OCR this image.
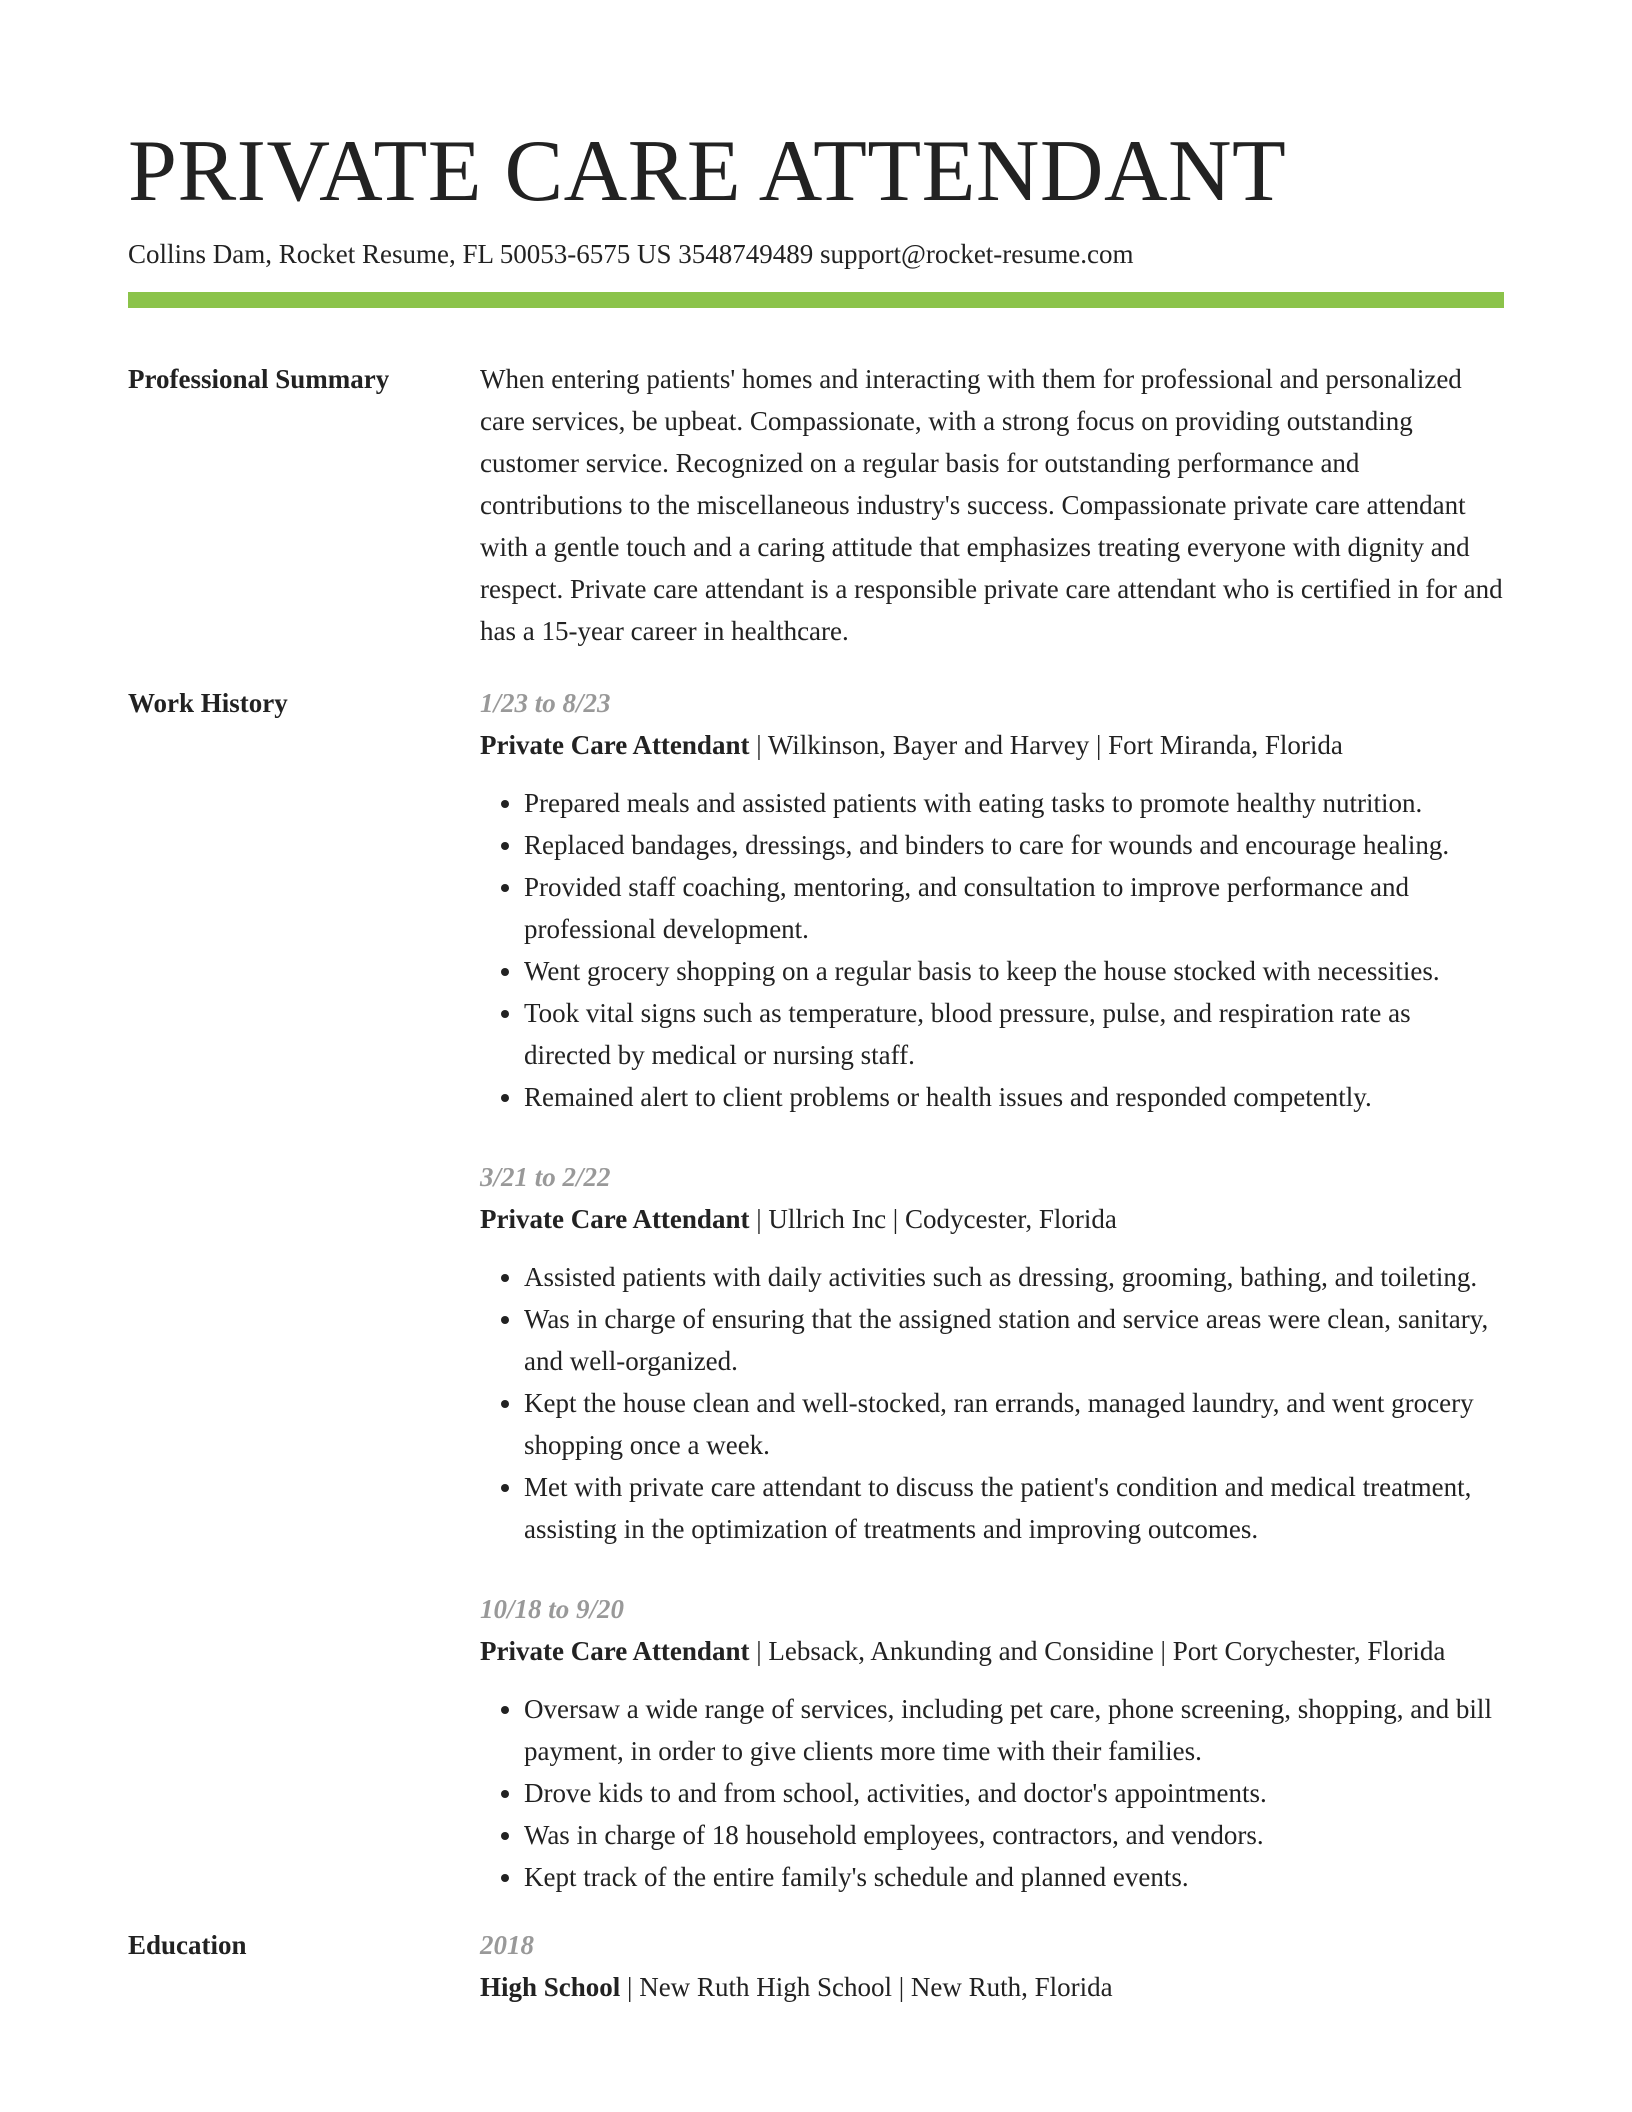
PRIVATE CARE ATTENDANT
Collins Dam, Rocket Resume, FL 50053-6575 US 3548749489 support@rocket-resume.com
Professional Summary	When entering patients' homes and interacting with them for professional and personalized care services, be upbeat. Compassionate, with a strong focus on providing outstanding customer service. Recognized on a regular basis for outstanding performance and contributions to the miscellaneous industry's success. Compassionate private care attendant with a gentle touch and a caring attitude that emphasizes treating everyone with dignity and respect. Private care attendant is a responsible private care attendant who is certified in for and has a 15-year career in healthcare.

Work History	1/23 to 8/23

Private Care Attendant | Wilkinson, Bayer and Harvey | Fort Miranda, Florida

• Prepared meals and assisted patients with eating tasks to promote healthy nutrition.
• Replaced bandages, dressings, and binders to care for wounds and encourage healing.
• Provided staff coaching, mentoring, and consultation to improve performance and professional development.
• Went grocery shopping on a regular basis to keep the house stocked with necessities.
• Took vital signs such as temperature, blood pressure, pulse, and respiration rate as directed by medical or nursing staff.
• Remained alert to client problems or health issues and responded competently.
3/21 to 2/22

Private Care Attendant | Ullrich Inc | Codycester, Florida

• Assisted patients with daily activities such as dressing, grooming, bathing, and toileting.
• Was in charge of ensuring that the assigned station and service areas were clean, sanitary, and well-organized.
• Kept the house clean and well-stocked, ran errands, managed laundry, and went grocery shopping once a week.
• Met with private care attendant to discuss the patient's condition and medical treatment, assisting in the optimization of treatments and improving outcomes.
10/18 to 9/20

Private Care Attendant | Lebsack, Ankunding and Considine | Port Corychester, Florida

• Oversaw a wide range of services, including pet care, phone screening, shopping, and bill payment, in order to give clients more time with their families.
• Drove kids to and from school, activities, and doctor's appointments.
• Was in charge of 18 household employees, contractors, and vendors.
• Kept track of the entire family's schedule and planned events.
Education	2018

High School | New Ruth High School | New Ruth, Florida
